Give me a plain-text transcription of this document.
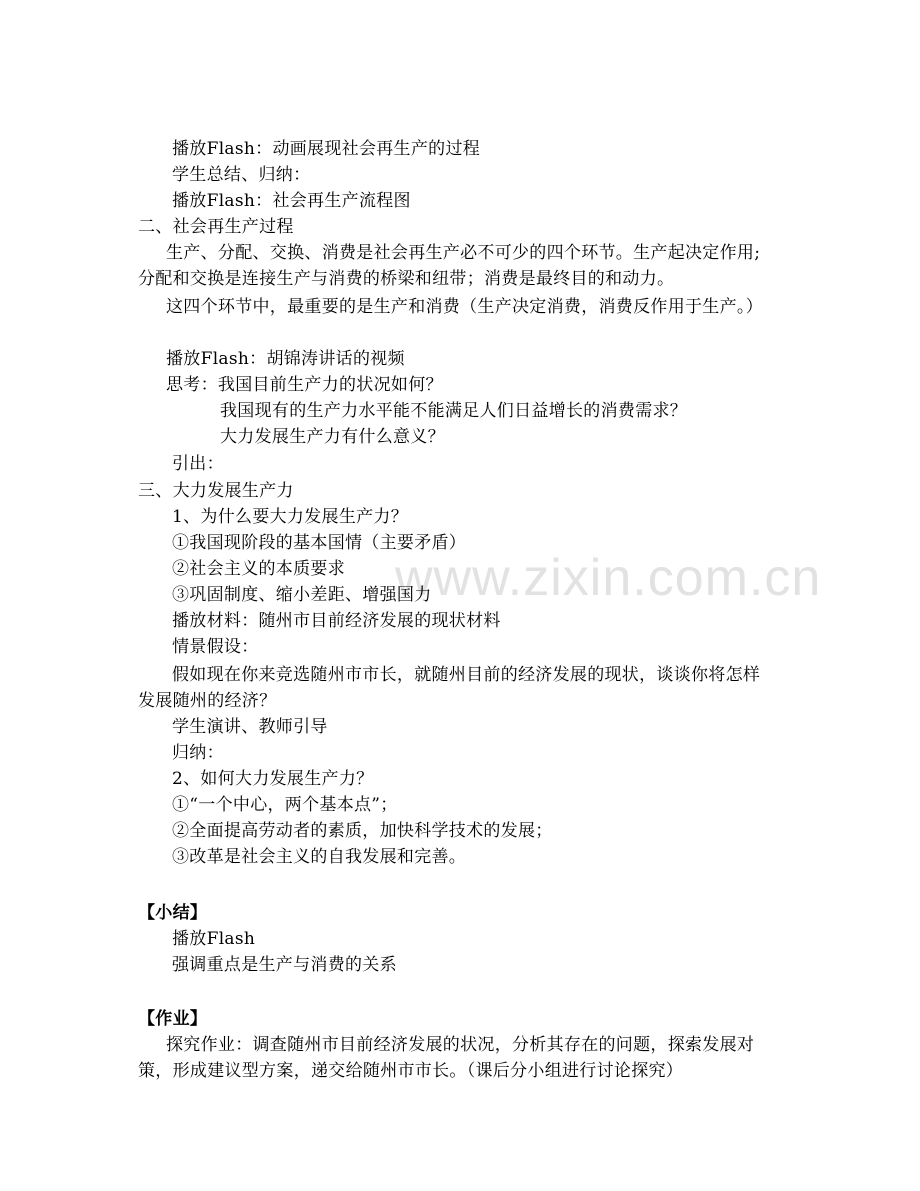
www.zixin.com.cn
播放Flash：动画展现社会再生产的过程
学生总结、归纳：
播放Flash：社会再生产流程图
二、社会再生产过程
生产、分配、交换、消费是社会再生产必不可少的四个环节。生产起决定作用;
分配和交换是连接生产与消费的桥梁和纽带；消费是最终目的和动力。
这四个环节中，最重要的是生产和消费（生产决定消费，消费反作用于生产。）
播放Flash：胡锦涛讲话的视频
思考：我国目前生产力的状况如何？
我国现有的生产力水平能不能满足人们日益增长的消费需求？
大力发展生产力有什么意义？
引出：
三、大力发展生产力
1、为什么要大力发展生产力？
①我国现阶段的基本国情（主要矛盾）
②社会主义的本质要求
③巩固制度、缩小差距、增强国力
播放材料：随州市目前经济发展的现状材料
情景假设：
假如现在你来竞选随州市市长，就随州目前的经济发展的现状，谈谈你将怎样
发展随州的经济？
学生演讲、教师引导
归纳：
2、如何大力发展生产力？
①“一个中心，两个基本点”；
②全面提高劳动者的素质，加快科学技术的发展；
③改革是社会主义的自我发展和完善。
【小结】
播放Flash
强调重点是生产与消费的关系
【作业】
探究作业：调查随州市目前经济发展的状况，分析其存在的问题，探索发展对
策，形成建议型方案，递交给随州市市长。（课后分小组进行讨论探究）
